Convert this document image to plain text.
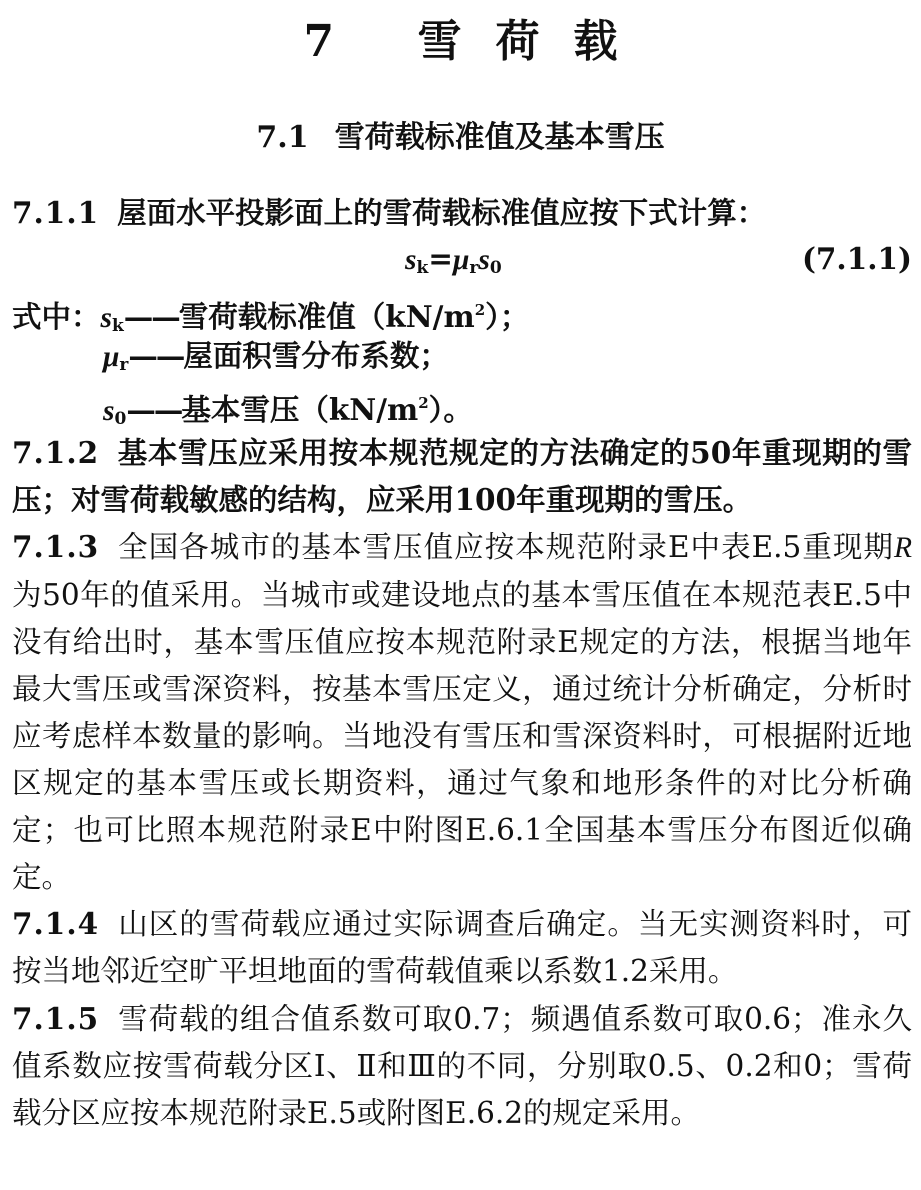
7 雪荷载
7.1 雪荷载标准值及基本雪压
7.1.1 屋面水平投影面上的雪荷载标准值应按下式计算：
$s_k=\mu_rs_0$	(7.1.1)
式中：$s_k——$雪荷载标准值$(kN/m^2)$；
$\mu_r——$屋面积雪分布系数；
$s_0——$基本雪压$(kN/m^2)$。
7.1.2 基本雪压应采用按本规范规定的方法确定的50年重现期的雪压；对雪荷载敏感的结构，应采用100年重现期的雪压。
7.1.3 全国各城市的基本雪压值应按本规范附录E中表E.5重现期R为50年的值采用。当城市或建设地点的基本雪压值在本规范表E.5中没有给出时，基本雪压值应按本规范附录E规定的方法，根据当地年最大雪压或雪深资料，按基本雪压定义，通过统计分析确定，分析时应考虑样本数量的影响。当地没有雪压和雪深资料时，可根据附近地区规定的基本雪压或长期资料，通过气象和地形条件的对比分析确定；也可比照本规范附录E中附图E.6.1全国基本雪压分布图近似确定。
7.1.4 山区的雪荷载应通过实际调查后确定。当无实测资料时，可按当地邻近空旷平坦地面的雪荷载值乘以系数1.2采用。
7.1.5 雪荷载的组合值系数可取0.7；频遇值系数可取0.6；准永久值系数应按雪荷载分区Ⅰ、Ⅱ和Ⅲ的不同，分别取0.5、0.2和0；雪荷载分区应按本规范附录E.5或附图E.6.2的规定采用。
